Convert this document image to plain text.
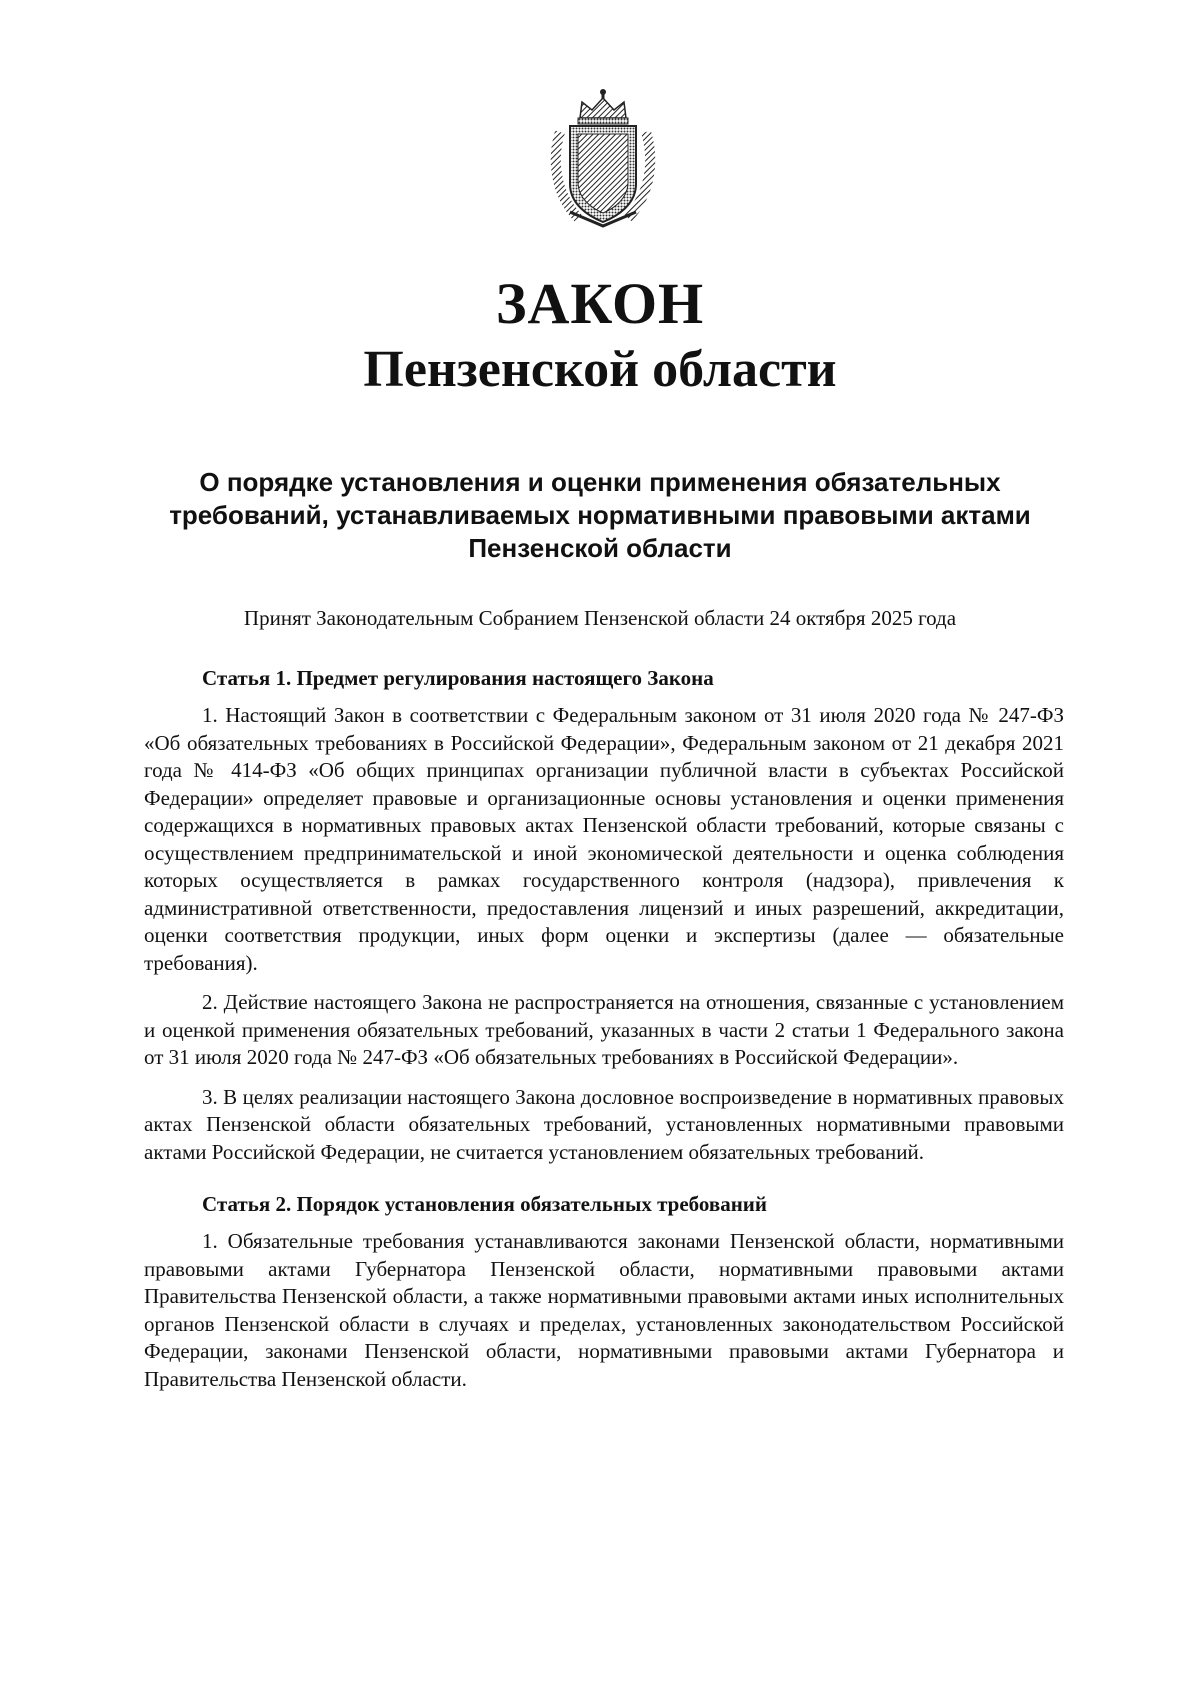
ЗАКОН
Пензенской области

О порядке установления и оценки применения обязательных требований, устанавливаемых нормативными правовыми актами Пензенской области

Принят Законодательным Собранием Пензенской области 24 октября 2025 года

Статья 1. Предмет регулирования настоящего Закона

1. Настоящий Закон в соответствии с Федеральным законом от 31 июля 2020 года № 247-ФЗ «Об обязательных требованиях в Российской Федерации», Федеральным законом от 21 декабря 2021 года № 414-ФЗ «Об общих принципах организации публичной власти в субъектах Российской Федерации» определяет правовые и организационные основы установления и оценки применения содержащихся в нормативных правовых актах Пензенской области требований, которые связаны с осуществлением предпринимательской и иной экономической деятельности и оценка соблюдения которых осуществляется в рамках государственного контроля (надзора), привлечения к административной ответственности, предоставления лицензий и иных разрешений, аккредитации, оценки соответствия продукции, иных форм оценки и экспертизы (далее — обязательные требования).

2. Действие настоящего Закона не распространяется на отношения, связанные с установлением и оценкой применения обязательных требований, указанных в части 2 статьи 1 Федерального закона от 31 июля 2020 года № 247-ФЗ «Об обязательных требованиях в Российской Федерации».

3. В целях реализации настоящего Закона дословное воспроизведение в нормативных правовых актах Пензенской области обязательных требований, установленных нормативными правовыми актами Российской Федерации, не считается установлением обязательных требований.

Статья 2. Порядок установления обязательных требований

1. Обязательные требования устанавливаются законами Пензенской области, нормативными правовыми актами Губернатора Пензенской области, нормативными правовыми актами Правительства Пензенской области, а также нормативными правовыми актами иных исполнительных органов Пензенской области в случаях и пределах, установленных законодательством Российской Федерации, законами Пензенской области, нормативными правовыми актами Губернатора и Правительства Пензенской области.
